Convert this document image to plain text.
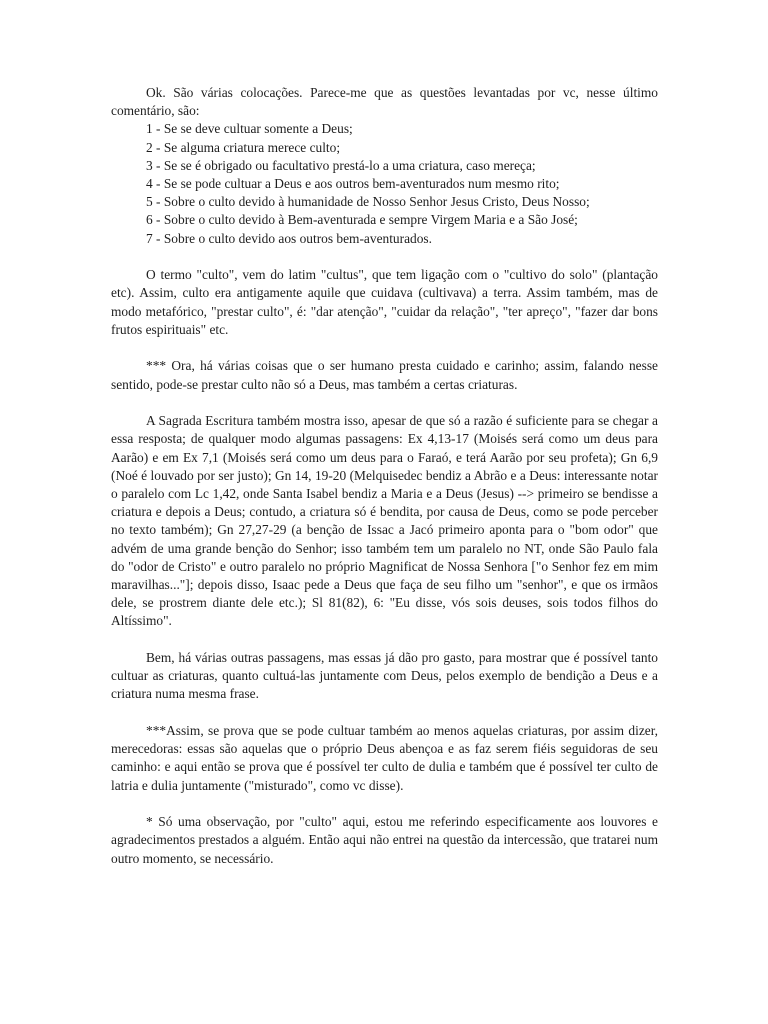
Ok. São várias colocações. Parece-me que as questões levantadas por vc, nesse último comentário, são:

1 - Se se deve cultuar somente a Deus;
2 - Se alguma criatura merece culto;
3 - Se se é obrigado ou facultativo prestá-lo a uma criatura, caso mereça;
4 - Se se pode cultuar a Deus e aos outros bem-aventurados num mesmo rito;
5 - Sobre o culto devido à humanidade de Nosso Senhor Jesus Cristo, Deus Nosso;
6 - Sobre o culto devido à Bem-aventurada e sempre Virgem Maria e a São José;
7 - Sobre o culto devido aos outros bem-aventurados.

O termo "culto", vem do latim "cultus", que tem ligação com o "cultivo do solo" (plantação etc). Assim, culto era antigamente aquile que cuidava (cultivava) a terra. Assim também, mas de modo metafórico, "prestar culto", é: "dar atenção", "cuidar da relação", "ter apreço", "fazer dar bons frutos espirituais" etc.

*** Ora, há várias coisas que o ser humano presta cuidado e carinho; assim, falando nesse sentido, pode-se prestar culto não só a Deus, mas também a certas criaturas.

A Sagrada Escritura também mostra isso, apesar de que só a razão é suficiente para se chegar a essa resposta; de qualquer modo algumas passagens: Ex 4,13-17 (Moisés será como um deus para Aarão) e em Ex 7,1 (Moisés será como um deus para o Faraó, e terá Aarão por seu profeta); Gn 6,9 (Noé é louvado por ser justo); Gn 14, 19-20 (Melquisedec bendiz a Abrão e a Deus: interessante notar o paralelo com Lc 1,42, onde Santa Isabel bendiz a Maria e a Deus (Jesus) --> primeiro se bendisse a criatura e depois a Deus; contudo, a criatura só é bendita, por causa de Deus, como se pode perceber no texto também); Gn 27,27-29 (a benção de Issac a Jacó primeiro aponta para o "bom odor" que advém de uma grande benção do Senhor; isso também tem um paralelo no NT, onde São Paulo fala do "odor de Cristo" e outro paralelo no próprio Magnificat de Nossa Senhora ["o Senhor fez em mim maravilhas..."]; depois disso, Isaac pede a Deus que faça de seu filho um "senhor", e que os irmãos dele, se prostrem diante dele etc.); Sl 81(82), 6: "Eu disse, vós sois deuses, sois todos filhos do Altíssimo".

Bem, há várias outras passagens, mas essas já dão pro gasto, para mostrar que é possível tanto cultuar as criaturas, quanto cultuá-las juntamente com Deus, pelos exemplo de bendição a Deus e a criatura numa mesma frase.

***Assim, se prova que se pode cultuar também ao menos aquelas criaturas, por assim dizer, merecedoras: essas são aquelas que o próprio Deus abençoa e as faz serem fiéis seguidoras de seu caminho: e aqui então se prova que é possível ter culto de dulia e também que é possível ter culto de latria e dulia juntamente ("misturado", como vc disse).

* Só uma observação, por "culto" aqui, estou me referindo especificamente aos louvores e agradecimentos prestados a alguém. Então aqui não entrei na questão da intercessão, que tratarei num outro momento, se necessário.
